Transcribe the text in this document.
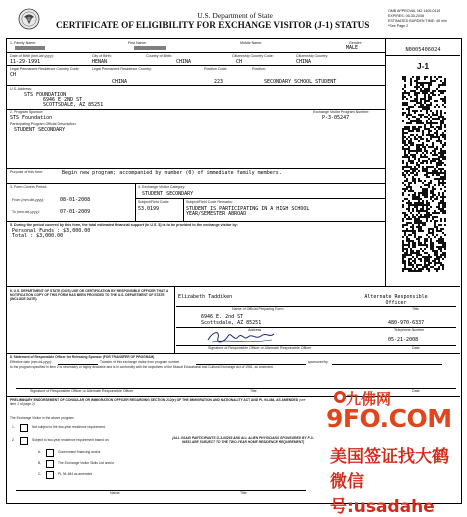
U.S. Department of State
CERTIFICATE OF ELIGIBILITY FOR EXCHANGE VISITOR (J-1) STATUS
OMB APPROVAL NO.1405-0119
EXPIRES: 06-30-2008
ESTIMATED BURDEN TIME: 45 min
*See Page 2
N0005406024
J-1
1. Family Name:	First Name:	Middle Name:	Gender:
MALE
Date of Birth (mm-dd-yyyy):
11-29-1991
City of Birth:
HENAN
Country of Birth:
CHINA
Citizenship Country Code:
CH
Citizenship Country:
CHINA
Legal Permanent Residence Country Code:
CH
Legal Permanent Residence Country:
CHINA
Position Code:
223
Position:
SECONDARY SCHOOL STUDENT
U.S. Address:
STS FOUNDATION
6946 E 2ND ST
SCOTTSDALE, AZ 85251
2. Program Sponsor:
STS Foundation
Exchange Visitor Program Number:
P-3-05247
Participating Program Official Description:
STUDENT SECONDARY
Purpose of this form:	Begin new program; accompanied by number (0) of immediate family members.
3. Form Covers Period:
From (mm-dd-yyyy):	08-01-2008
To (mm-dd-yyyy):	07-01-2009
4. Exchange Visitor Category:
STUDENT SECONDARY
Subject/Field Code:
53.0199
Subject/Field Code Remarks:
STUDENT IS PARTICIPATING IN A HIGH SCHOOL
YEAR/SEMESTER ABROAD
5. During the period covered by this form, the total estimated financial support (in U.S. $) is to be provided to the exchange visitor by:
Personal Funds : $3,000.00
Total : $3,000.00
6. U.S. DEPARTMENT OF STATE (DOS) USE OR CERTIFICATION BY RESPONSIBLE OFFICER THAT A NOTIFICATION COPY OF THIS FORM HAS BEEN PROVIDED TO THE U.S. DEPARTMENT OF STATE (INCLUDE DATE).	Elizabeth Taddiken	Alternate Responsible Officer
Name of Official Preparing Form	Title
6946 E. 2nd ST
Scottsdale, AZ 85251	480-970-6337
Address	Telephone Number
05-21-2008
Signature of Responsible Officer or Alternate Responsible Officer	Date
8. Statement of Responsible Officer for Releasing Sponsor (FOR TRANSFER OF PROGRAM)
Effective date (mm-dd-yyyy):	Transfer of this exchange visitor from program number	sponsored by
to the program specified in item 2 is necessary or highly desirable and is in conformity with the objectives of the Mutual Educational and Cultural Exchange Act of 1961, as amended.
Signature of Responsible Officer or Alternate Responsible Officer	Title	Date
PRELIMINARY ENDORSEMENT OF CONSULAR OR IMMIGRATION OFFICER REGARDING SECTION 212(e) OF THE IMMIGRATION AND NATIONALITY ACT AND PL 94-484, AS AMENDED (see item 1 of page 2)
The Exchange Visitor in the above program:
1.	Not subject to the two-year residence requirement.
2.	Subject to two-year residence requirement based on:
A.	Government financing and/or
B.	The Exchange Visitor Skills List and/or
C.	PL 94-484 as amended
(ALL USAID PARTICIPANTS G-3-00263 AND ALL ALIEN PHYSICIANS SPONSORED BY P-3-04531 ARE SUBJECT TO THE TWO-YEAR HOME RESIDENCE REQUIREMENT)
Name	Title
九佛网
9FO.COM
美国签证找大鹤
微信号:usadahe
